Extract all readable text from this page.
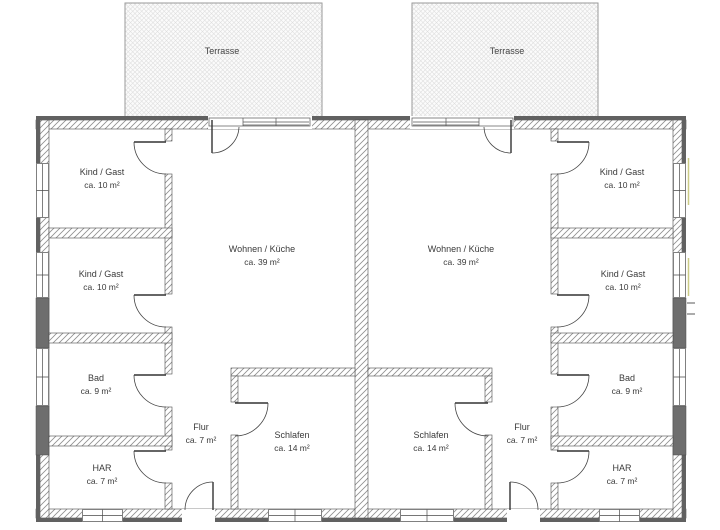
Terrasse	Terrasse
Kind / Gast
ca. 10 m²
Wohnen / Küche
ca. 39 m²
Kind / Gast
ca. 10 m²
Bad
ca. 9 m²
Flur
ca. 7 m²	Schlafen
ca. 14 m²
HAR
ca. 7 m²
Kind / Gast
ca. 10 m²
Wohnen / Küche
ca. 39 m²
Kind / Gast
ca. 10 m²
Bad
ca. 9 m²
Flur
ca. 7 m²
Schlafen
ca. 14 m²
HAR
ca. 7 m²
